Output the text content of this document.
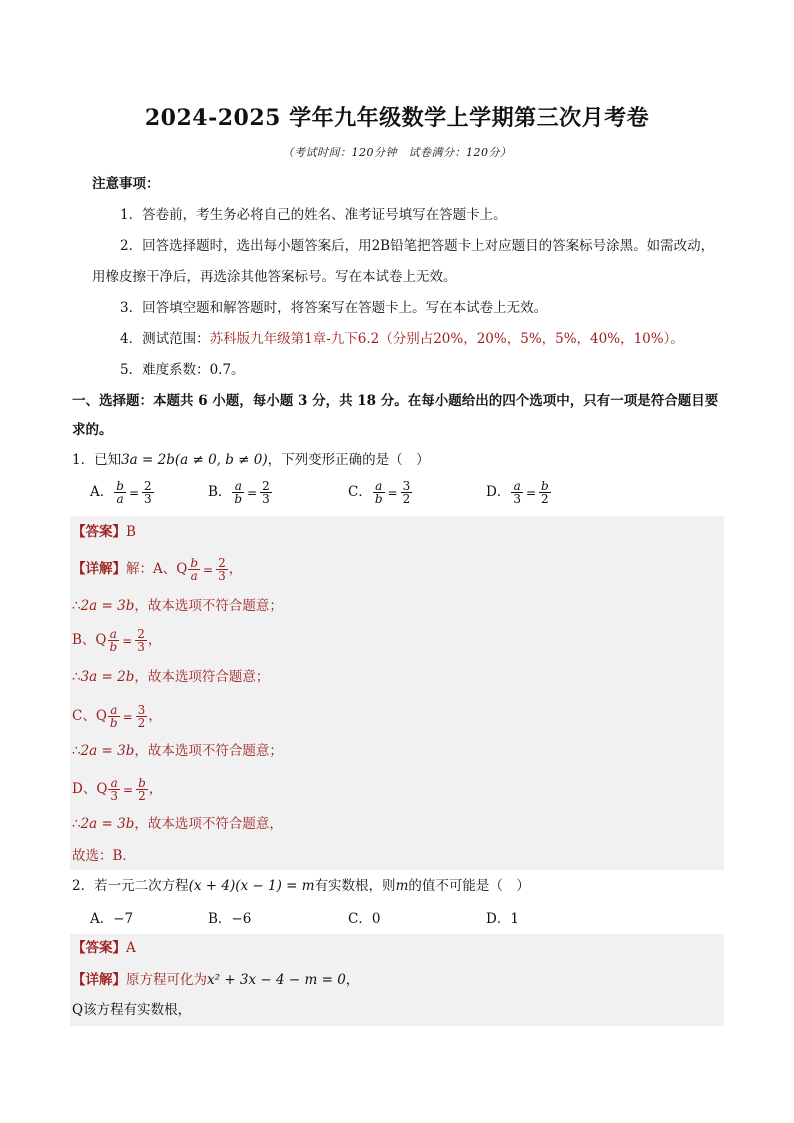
2024-2025 学年九年级数学上学期第三次月考卷
（考试时间：120分钟　试卷满分：120分）
注意事项：
1．答卷前，考生务必将自己的姓名、准考证号填写在答题卡上。
2．回答选择题时，选出每小题答案后，用2B铅笔把答题卡上对应题目的答案标号涂黑。如需改动，
用橡皮擦干净后，再选涂其他答案标号。写在本试卷上无效。
3．回答填空题和解答题时，将答案写在答题卡上。写在本试卷上无效。
4．测试范围：苏科版九年级第1章-九下6.2（分别占20%，20%，5%，5%，40%，10%）。
5．难度系数：0.7。
一、选择题：本题共 6 小题，每小题 3 分，共 18 分。在每小题给出的四个选项中，只有一项是符合题目要
求的。
1．已知3a = 2b(a ≠ 0, b ≠ 0)，下列变形正确的是（　）
A． $\frac{b}{a} = \frac{2}{3}$	B． $\frac{a}{b} = \frac{2}{3}$	C． $\frac{a}{b} = \frac{3}{2}$	D． $\frac{a}{3} = \frac{b}{2}$
【答案】B
【详解】解：A、Q $\frac{b}{a} = \frac{2}{3}$ ，
∴2a = 3b，故本选项不符合题意；
B、Q $\frac{a}{b} = \frac{2}{3}$ ，
∴3a = 2b，故本选项符合题意；
C、Q $\frac{a}{b} = \frac{3}{2}$ ，
∴2a = 3b，故本选项不符合题意；
D、Q $\frac{a}{3} = \frac{b}{2}$ ，
∴2a = 3b，故本选项不符合题意，
故选：B．
2．若一元二次方程(x + 4)(x − 1) = m有实数根，则m的值不可能是（　）
A．−7	B．−6	C．0	D．1
【答案】A
【详解】原方程可化为x² + 3x − 4 − m = 0，
Q该方程有实数根，
